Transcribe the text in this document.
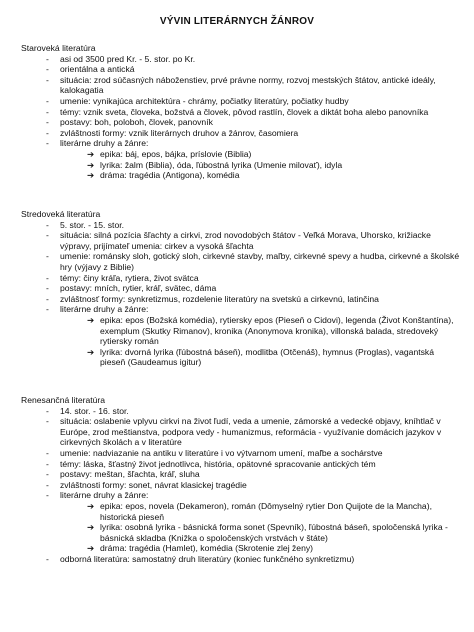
VÝVIN LITERÁRNYCH ŽÁNROV
Staroveká literatúra
- asi od 3500 pred Kr. - 5. stor. po Kr.
- orientálna a antická
- situácia: zrod súčasných náboženstiev, prvé právne normy, rozvoj mestských štátov, antické ideály, kalokagatia
- umenie: vynikajúca architektúra - chrámy, počiatky literatúry, počiatky hudby
- témy: vznik sveta, človeka, božstvá a človek, pôvod rastlín, človek a diktát boha alebo panovníka
- postavy: boh, poloboh, človek, panovník
- zvláštnosti formy: vznik literárnych druhov a žánrov, časomiera
- literárne druhy a žánre:
➔ epika: báj, epos, bájka, príslovie (Biblia)
➔ lyrika: žalm (Biblia), óda, ľúbostná lyrika (Umenie milovať), idyla
➔ dráma: tragédia (Antigona), komédia
Stredoveká literatúra
- 5. stor. - 15. stor.
- situácia: silná pozícia šľachty a cirkvi, zrod novodobých štátov - Veľká Morava, Uhorsko, križiacke výpravy, prijímateľ umenia: cirkev a vysoká šľachta
- umenie: románsky sloh, gotický sloh, cirkevné stavby, maľby, cirkevné spevy a hudba, cirkevné a školské hry (výjavy z Biblie)
- témy: činy kráľa, rytiera, život svätca
- postavy: mních, rytier, kráľ, svätec, dáma
- zvláštnosť formy: synkretizmus, rozdelenie literatúry na svetskú a cirkevnú, latinčina
- literárne druhy a žánre:
➔ epika: epos (Božská komédia), rytiersky epos (Pieseň o Cidovi), legenda (Život Konštantína), exemplum (Skutky Rimanov), kronika (Anonymova kronika), villonská balada, stredoveký rytiersky román
➔ lyrika: dvorná lyrika (ľúbostná báseň), modlitba (Otčenáš), hymnus (Proglas), vagantská pieseň (Gaudeamus igitur)
Renesančná literatúra
- 14. stor. - 16. stor.
- situácia: oslabenie vplyvu cirkvi na život ľudí, veda a umenie, zámorské a vedecké objavy, kníhtlač v Európe, zrod meštianstva, podpora vedy - humanizmus, reformácia - využívanie domácich jazykov v cirkevných školách a v literatúre
- umenie: nadviazanie na antiku v literatúre i vo výtvarnom umení, maľbe a sochárstve
- témy: láska, šťastný život jednotlivca, história, opätovné spracovanie antických tém
- postavy: meštan, šľachta, kráľ, sluha
- zvláštnosti formy: sonet, návrat klasickej tragédie
- literárne druhy a žánre:
➔ epika: epos, novela (Dekameron), román (Dômyselný rytier Don Quijote de la Mancha), historická pieseň
➔ lyrika: osobná lyrika - básnická forma sonet (Spevník), ľúbostná báseň, spoločenská lyrika - básnická skladba (Knižka o spoločenských vrstvách v štáte)
➔ dráma: tragédia (Hamlet), komédia (Skrotenie zlej ženy)
- odborná literatúra: samostatný druh literatúry (koniec funkčného synkretizmu)
